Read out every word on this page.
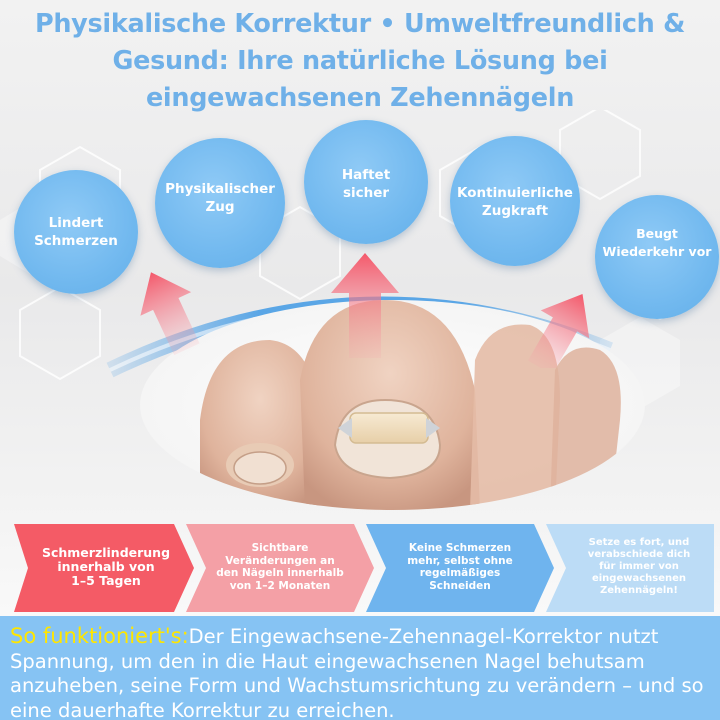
Physikalische Korrektur • Umweltfreundlich & Gesund: Ihre natürliche Lösung bei eingewachsenen Zehennägeln
Lindert
Schmerzen
Physikalischer
Zug
Haftet
sicher	Kontinuierliche
Zugkraft
Beugt
Wiederkehr vor
Schmerzlinderung
innerhalb von
1–5 Tagen
Sichtbare
Veränderungen an
den Nägeln innerhalb
von 1–2 Monaten
Keine Schmerzen
mehr, selbst ohne
regelmäßiges
Schneiden
Setze es fort, und
verabschiede dich
für immer von
eingewachsenen
Zehennägeln!
So funktioniert's:Der Eingewachsene-Zehennagel-Korrektor nutzt Spannung, um den in die Haut eingewachsenen Nagel behutsam anzuheben, seine Form und Wachstumsrichtung zu verändern – und so eine dauerhafte Korrektur zu erreichen.
